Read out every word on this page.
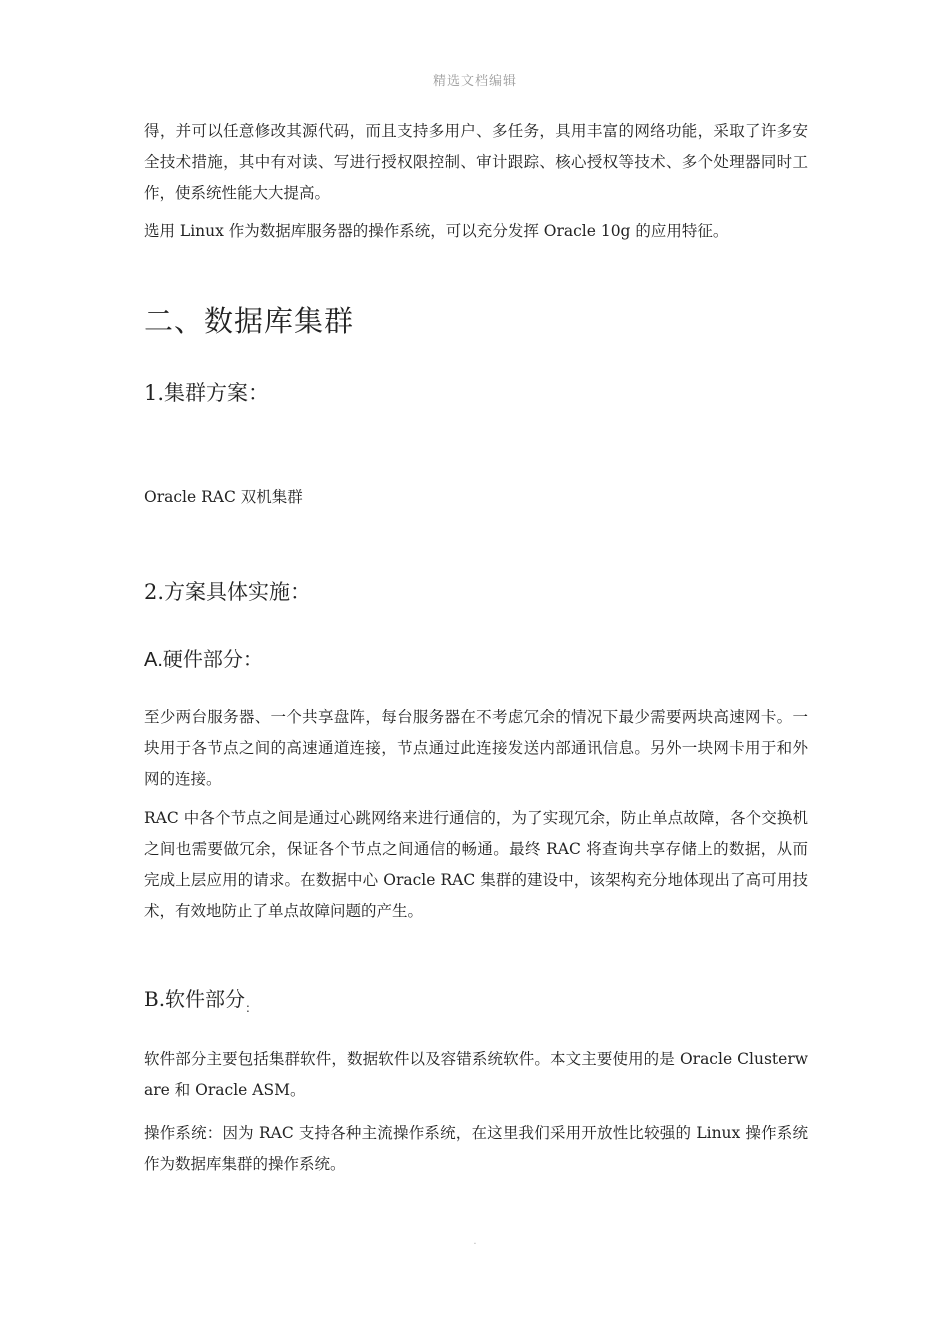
精选文档编辑

得，并可以任意修改其源代码，而且支持多用户、多任务，具用丰富的网络功能，采取了许多安全技术措施，其中有对读、写进行授权限控制、审计跟踪、核心授权等技术、多个处理器同时工作，使系统性能大大提高。

选用 Linux 作为数据库服务器的操作系统，可以充分发挥 Oracle 10g 的应用特征。

二、数据库集群
1.集群方案：

Oracle RAC 双机集群

2.方案具体实施：
A.硬件部分：

至少两台服务器、一个共享盘阵，每台服务器在不考虑冗余的情况下最少需要两块高速网卡。一块用于各节点之间的高速通道连接，节点通过此连接发送内部通讯信息。另外一块网卡用于和外网的连接。

RAC 中各个节点之间是通过心跳网络来进行通信的，为了实现冗余，防止单点故障，各个交换机之间也需要做冗余，保证各个节点之间通信的畅通。最终 RAC 将查询共享存储上的数据，从而完成上层应用的请求。在数据中心 Oracle RAC 集群的建设中，该架构充分地体现出了高可用技术，有效地防止了单点故障问题的产生。

B.软件部分$_:$

软件部分主要包括集群软件，数据软件以及容错系统软件。本文主要使用的是 Oracle Clusterware 和 Oracle ASM。

操作系统：因为 RAC 支持各种主流操作系统，在这里我们采用开放性比较强的 Linux 操作系统作为数据库集群的操作系统。

.
